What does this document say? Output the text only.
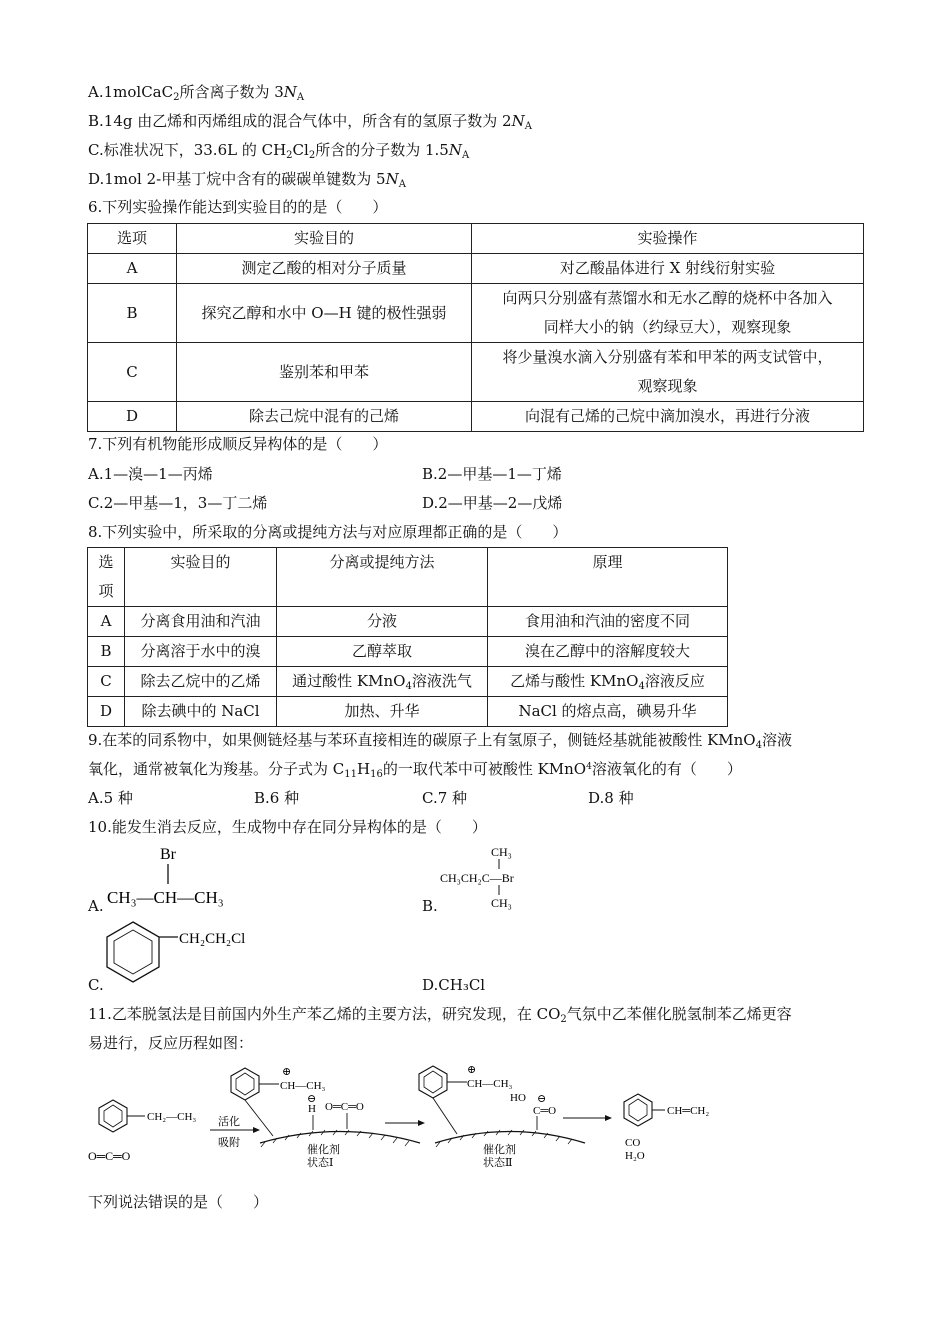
A.1molCaC$_2$所含离子数为 $3N_A$
B.14g 由乙烯和丙烯组成的混合气体中，所含有的氢原子数为 $2N_A$
C.标准状况下，33.6L 的 $CH_2Cl_2$所含的分子数为 $1.5N_A$
D.1mol 2-甲基丁烷中含有的碳碳单键数为 $5N_A$
6.下列实验操作能达到实验目的的是（　　）
选项	实验目的	实验操作
A	测定乙酸的相对分子质量	对乙酸晶体进行 X 射线衍射实验
B	探究乙醇和水中 O—H 键的极性强弱	向两只分别盛有蒸馏水和无水乙醇的烧杯中各加入
同样大小的钠（约绿豆大），观察现象

C	鉴别苯和甲苯	将少量溴水滴入分别盛有苯和甲苯的两支试管中，
观察现象

D	除去己烷中混有的己烯	向混有己烯的己烷中滴加溴水，再进行分液
7.下列有机物能形成顺反异构体的是（　　）
A.1—溴—1—丙烯	B.2—甲基—1—丁烯
C.2—甲基—1，3—丁二烯	D.2—甲基—2—戊烯
8.下列实验中，所采取的分离或提纯方法与对应原理都正确的是（　　）
选
项	实验目的	分离或提纯方法	原理
A	分离食用油和汽油	分液	食用油和汽油的密度不同
B	分离溶于水中的溴	乙醇萃取	溴在乙醇中的溶解度较大
C	除去乙烷中的乙烯	通过酸性 KMnO$_4$溶液洗气	乙烯与酸性 KMnO$_4$溶液反应
D	除去碘中的 NaCl	加热、升华	NaCl 的熔点高，碘易升华
9.在苯的同系物中，如果侧链烃基与苯环直接相连的碳原子上有氢原子，侧链烃基就能被酸性 KMnO$_4$溶液
氧化，通常被氧化为羧基。分子式为 $C_{11}H_{16}$的一取代苯中可被酸性 KMnO$^4$溶液氧化的有（　　）
A.5 种	B.6 种	C.7 种	D.8 种
10.能发生消去反应，生成物中存在同分异构体的是（　　）
A.
Br
CH₃—CH—CH₃	B.
CH₃
CH₃CH₂C—Br
CH₃
C.
CH₂CH₂Cl
D.CH₃Cl
11.乙苯脱氢法是目前国内外生产苯乙烯的主要方法，研究发现，在 $CO_2$气氛中乙苯催化脱氢制苯乙烯更容
易进行，反应历程如图：
CH₂—CH₃
O═C═O
活化
吸附
⊕
CH—CH₃
⊖
H O═C═O
催化剂
状态Ⅰ
⊕
CH—CH₃
⊖
HO
C═O
催化剂
状态Ⅱ
CH═CH₂
CO
H₂O
下列说法错误的是（　　）
